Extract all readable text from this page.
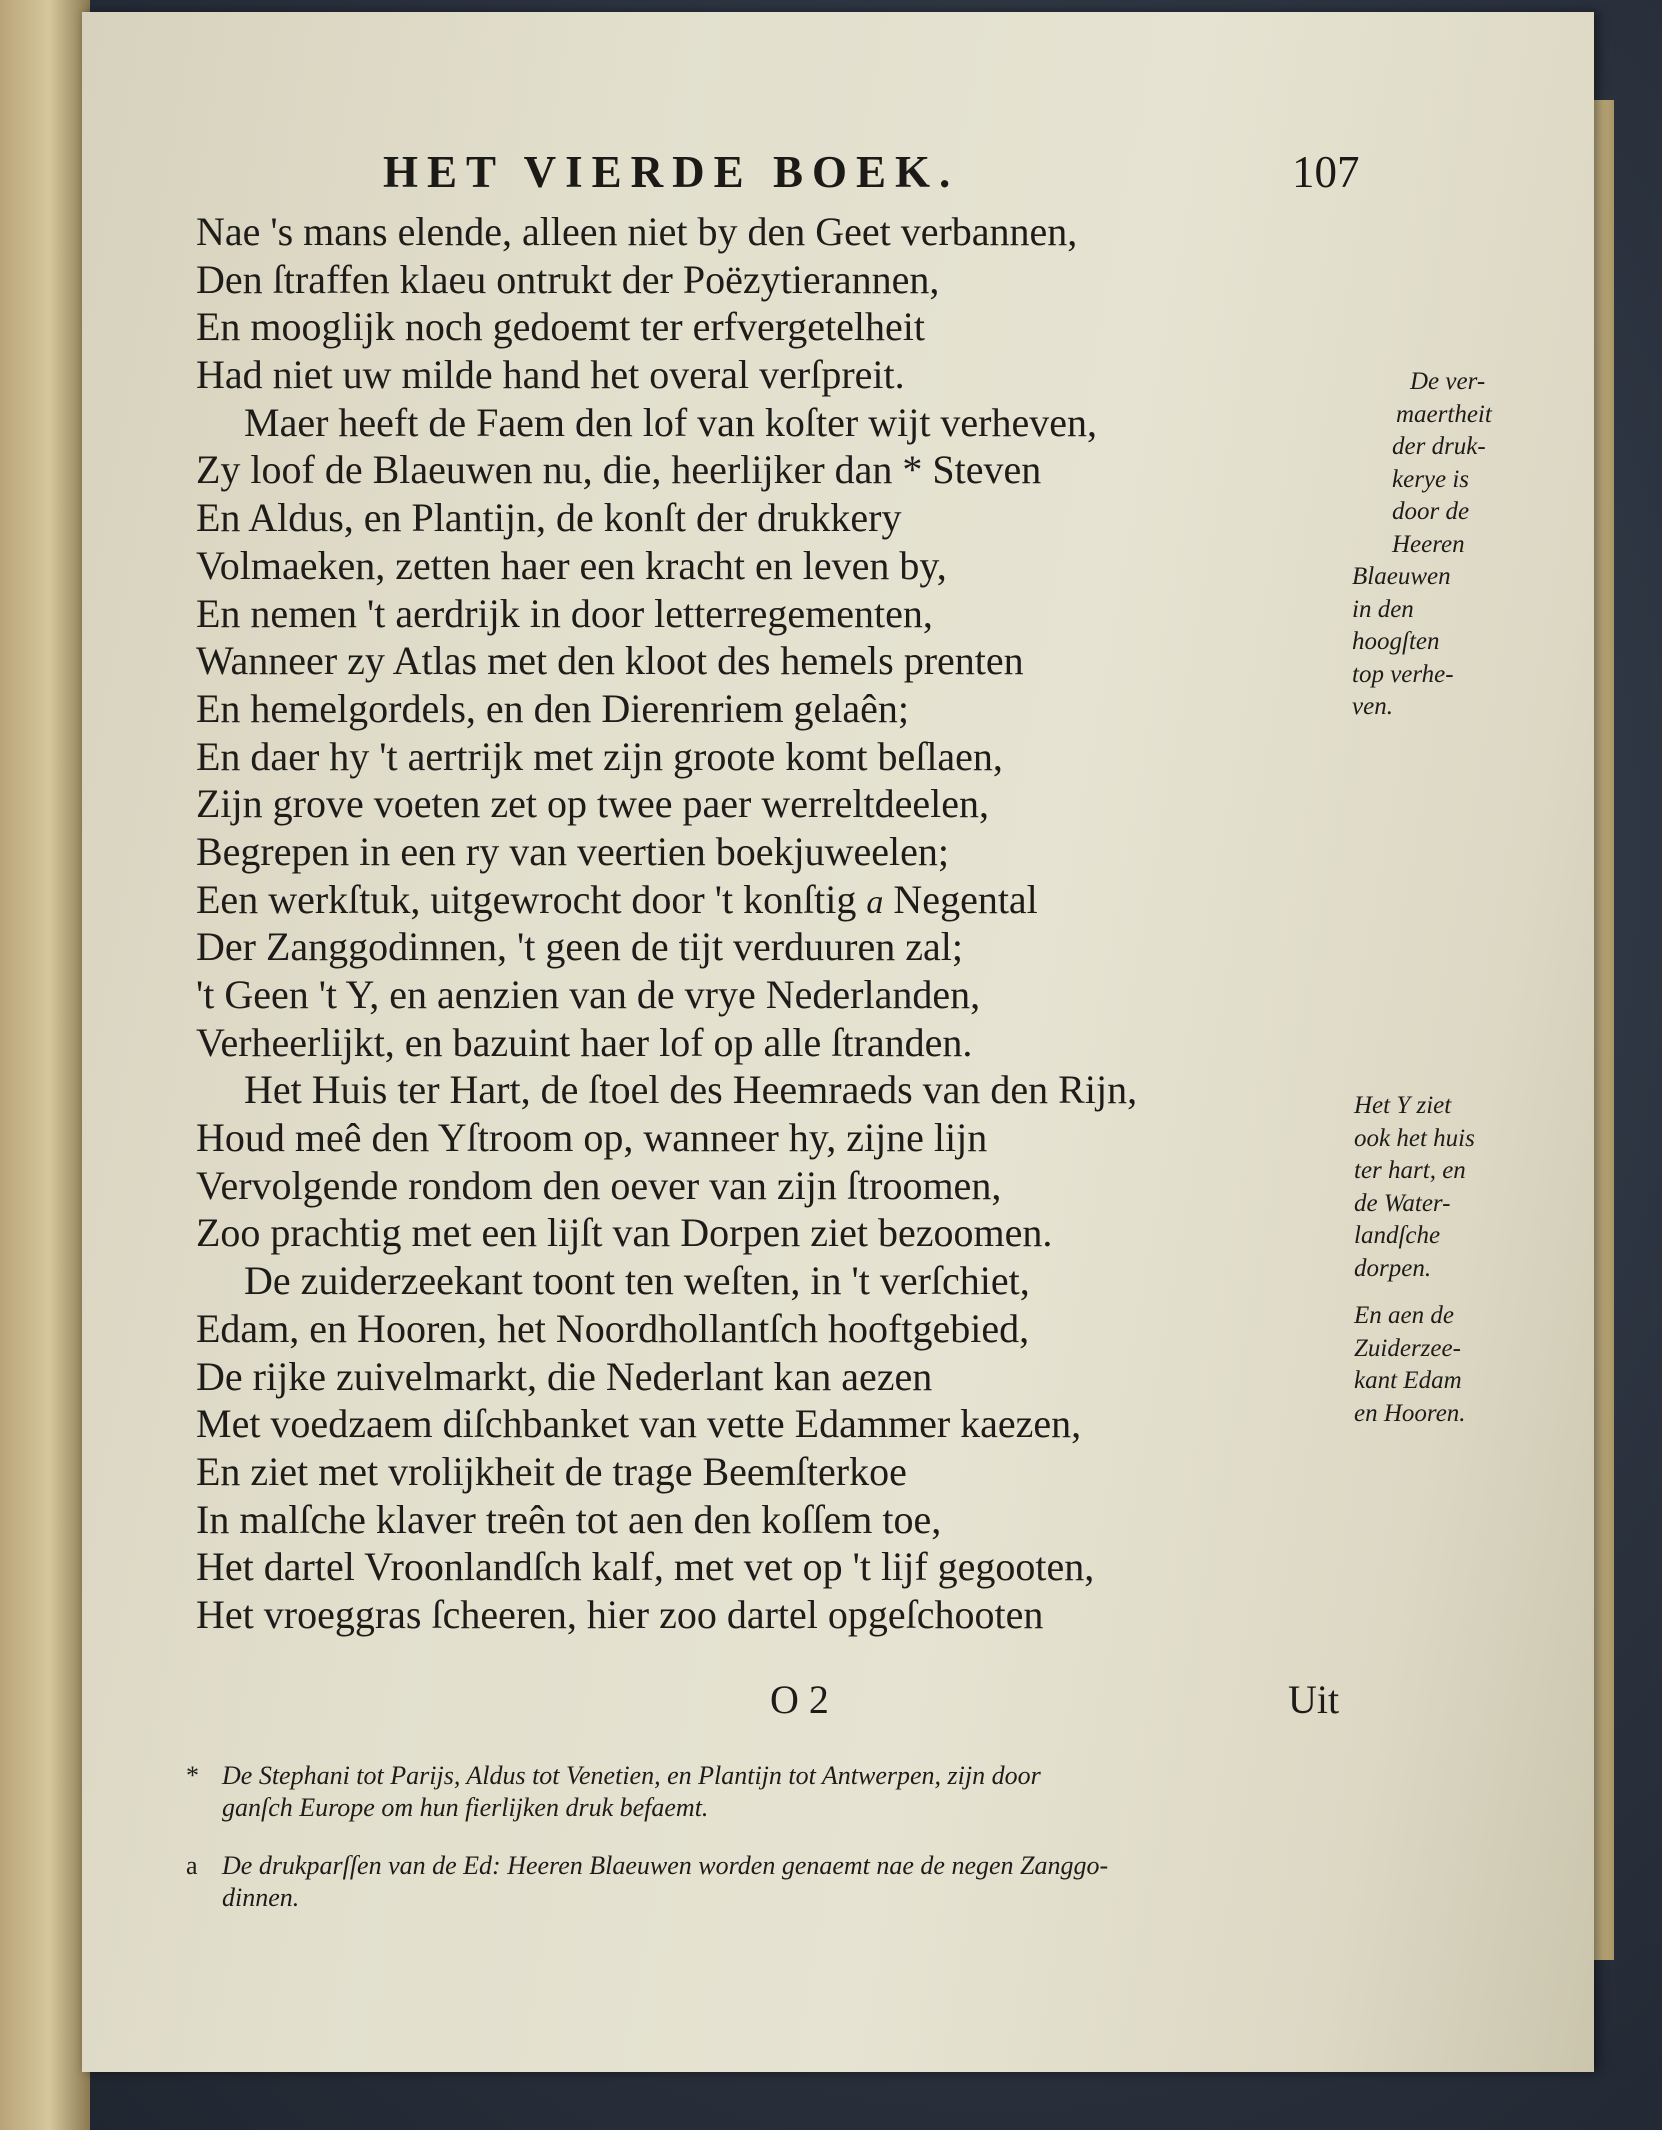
HET VIERDE BOEK.	107
Nae 's mans elende, alleen niet by den Geet verbannen,
Den ſtraffen klaeu ontrukt der Poëzytierannen,
En mooglijk noch gedoemt ter erfvergetelheit
Had niet uw milde hand het overal verſpreit.
Maer heeft de Faem den lof van koſter wijt verheven,
Zy loof de Blaeuwen nu, die, heerlijker dan * Steven
En Aldus, en Plantijn, de konſt der drukkery
Volmaeken, zetten haer een kracht en leven by,
En nemen 't aerdrijk in door letterregementen,
Wanneer zy Atlas met den kloot des hemels prenten
En hemelgordels, en den Dierenriem gelaên;
En daer hy 't aertrijk met zijn groote komt beſlaen,
Zijn grove voeten zet op twee paer werreltdeelen,
Begrepen in een ry van veertien boekjuweelen;
Een werkſtuk, uitgewrocht door 't konſtig a Negental
Der Zanggodinnen, 't geen de tijt verduuren zal;
't Geen 't Y, en aenzien van de vrye Nederlanden,
Verheerlijkt, en bazuint haer lof op alle ſtranden.
Het Huis ter Hart, de ſtoel des Heemraeds van den Rijn,
Houd meê den Yſtroom op, wanneer hy, zijne lijn
Vervolgende rondom den oever van zijn ſtroomen,
Zoo prachtig met een lijſt van Dorpen ziet bezoomen.
De zuiderzeekant toont ten weſten, in 't verſchiet,
Edam, en Hooren, het Noordhollantſch hooftgebied,
De rijke zuivelmarkt, die Nederlant kan aezen
Met voedzaem diſchbanket van vette Edammer kaezen,
En ziet met vrolijkheit de trage Beemſterkoe
In malſche klaver treên tot aen den koſſem toe,
Het dartel Vroonlandſch kalf, met vet op 't lijf gegooten,
Het vroeggras ſcheeren, hier zoo dartel opgeſchooten
De ver-
maertheit
der druk-
kerye is
door de
Heeren
Blaeuwen
in den
hoogſten
top verhe-
ven.
Het Y ziet
ook het huis
ter hart, en
de Water-
landſche
dorpen.
En aen de
Zuiderzee-
kant Edam
en Hooren.
O 2	Uit
* De Stephani tot Parijs, Aldus tot Venetien, en Plantijn tot Antwerpen, zijn door
ganſch Europe om hun fierlijken druk befaemt.
a De drukparſſen van de Ed: Heeren Blaeuwen worden genaemt nae de negen Zanggo-
dinnen.
